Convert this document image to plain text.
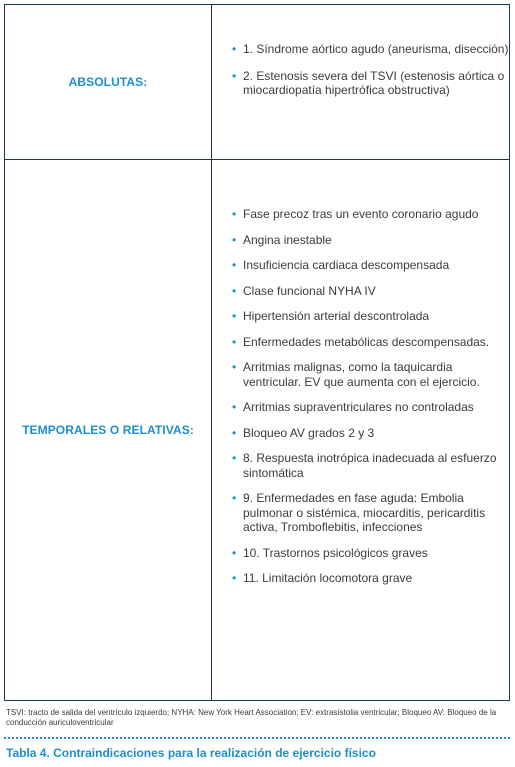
ABSOLUTAS:
• 1. Síndrome aórtico agudo (aneurisma, disección)
• 2. Estenosis severa del TSVI (estenosis aórtica o miocardiopatía hipertrófica obstructiva)
TEMPORALES O RELATIVAS:
• Fase precoz tras un evento coronario agudo
• Angina inestable
• Insuficiencia cardiaca descompensada
• Clase funcional NYHA IV
• Hipertensión arterial descontrolada
• Enfermedades metabólicas descompensadas.
• Arritmias malignas, como la taquicardia ventricular. EV que aumenta con el ejercicio.
• Arritmias supraventriculares no controladas
• Bloqueo AV grados 2 y 3
• 8. Respuesta inotrópica inadecuada al esfuerzo sintomática
• 9. Enfermedades en fase aguda: Embolia pulmonar o sistémica, miocarditis, pericarditis activa, Tromboflebitis, infecciones
• 10. Trastornos psicológicos graves
• 11. Limitación locomotora grave
TSVI: tracto de salida del ventrículo izquierdo; NYHA: New York Heart Association; EV: extrasístolia ventricular; Bloqueo AV: Bloqueo de la conducción auriculoventricular
Tabla 4. Contraindicaciones para la realización de ejercicio físico
